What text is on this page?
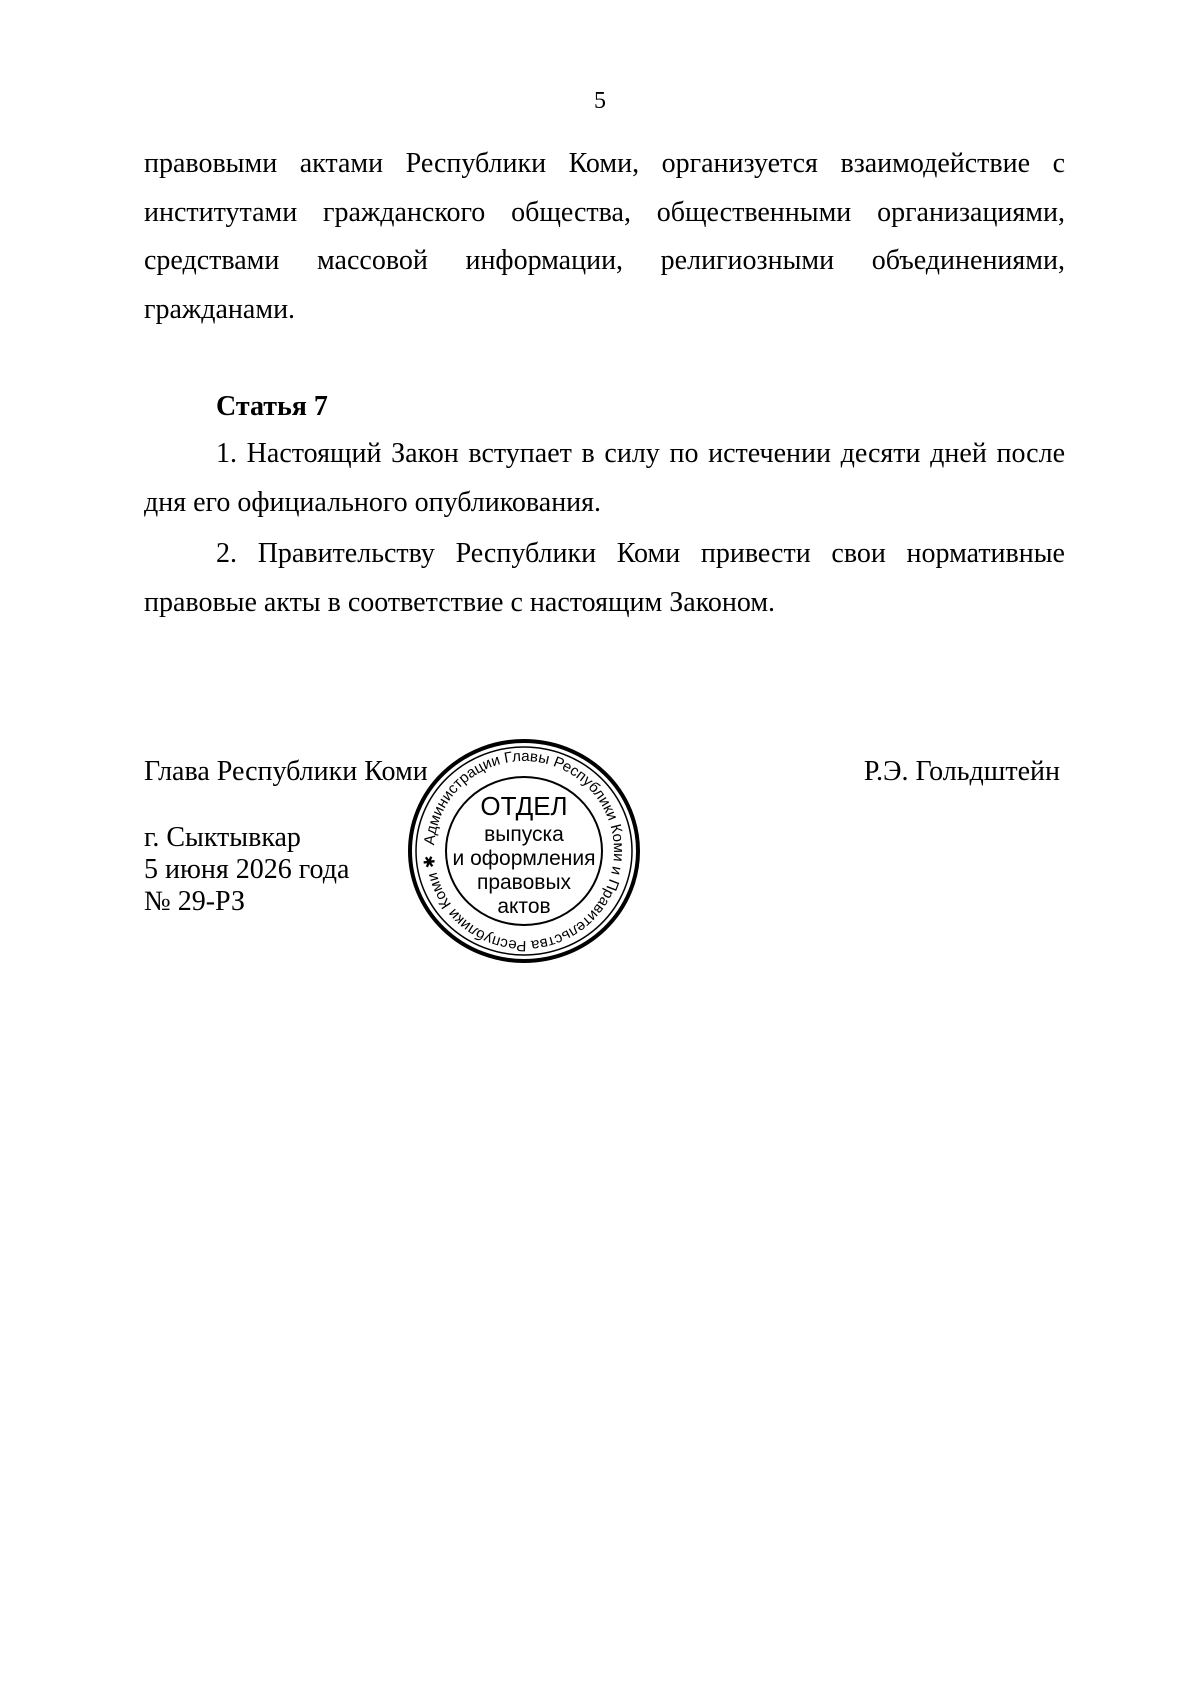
5

правовыми актами Республики Коми, организуется взаимодействие с институтами гражданского общества, общественными организациями, средствами массовой информации, религиозными объединениями, гражданами.

Статья 7

1. Настоящий Закон вступает в силу по истечении десяти дней после дня его официального опубликования.

2. Правительству Республики Коми привести свои нормативные правовые акты в соответствие с настоящим Законом.

Глава Республики Коми	Р.Э. Гольдштейн
г. Сыктывкар
5 июня 2026 года
№ 29-РЗ
Администрации Главы Республики Коми и Правительства Республики Коми ✱
ОТДЕЛ
выпуска
и оформления
правовых
актов
